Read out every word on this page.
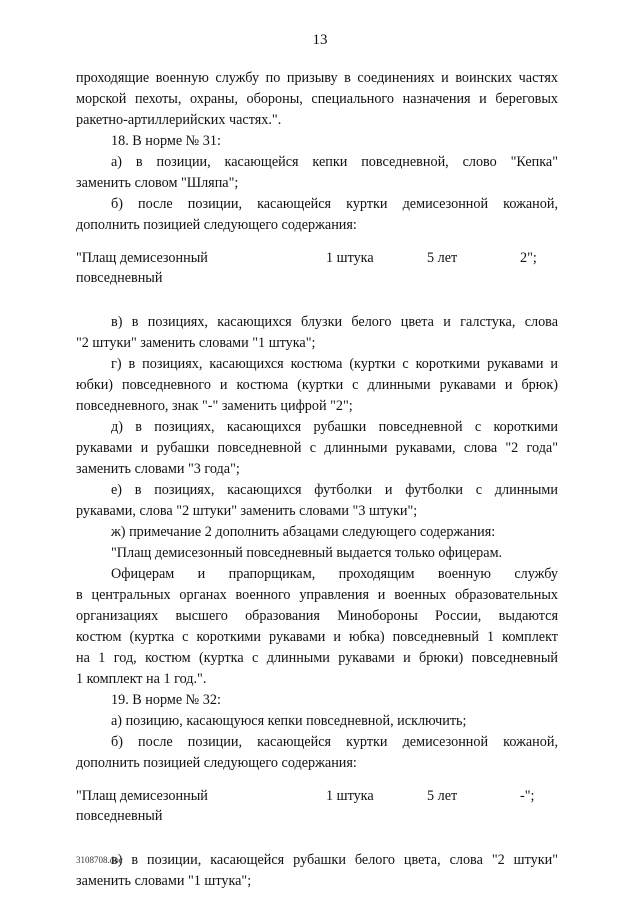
13

проходящие военную службу по призыву в соединениях и воинских частях

морской пехоты, охраны, обороны, специального назначения и береговых

ракетно-артиллерийских частях.".

18. В норме № 31:

а) в позиции, касающейся кепки повседневной, слово "Кепка"

заменить словом "Шляпа";

б) после позиции, касающейся куртки демисезонной кожаной,

дополнить позицией следующего содержания:

"Плащ демисезонный	1 штука	5 лет	2";
повседневный

в) в позициях, касающихся блузки белого цвета и галстука, слова

"2 штуки" заменить словами "1 штука";

г) в позициях, касающихся костюма (куртки с короткими рукавами и

юбки) повседневного и костюма (куртки с длинными рукавами и брюк)

повседневного, знак "-" заменить цифрой "2";

д) в позициях, касающихся рубашки повседневной с короткими

рукавами и рубашки повседневной с длинными рукавами, слова "2 года"

заменить словами "3 года";

е) в позициях, касающихся футболки и футболки с длинными

рукавами, слова "2 штуки" заменить словами "3 штуки";

ж) примечание 2 дополнить абзацами следующего содержания:

"Плащ демисезонный повседневный выдается только офицерам.

Офицерам и прапорщикам, проходящим военную службу

в центральных органах военного управления и военных образовательных

организациях высшего образования Минобороны России, выдаются

костюм (куртка с короткими рукавами и юбка) повседневный 1 комплект

на 1 год, костюм (куртка с длинными рукавами и брюки) повседневный

1 комплект на 1 год.".

19. В норме № 32:

а) позицию, касающуюся кепки повседневной, исключить;

б) после позиции, касающейся куртки демисезонной кожаной,

дополнить позицией следующего содержания:

"Плащ демисезонный	1 штука	5 лет	-";
повседневный

в) в позиции, касающейся рубашки белого цвета, слова "2 штуки"

заменить словами "1 штука";

3108708.doc
